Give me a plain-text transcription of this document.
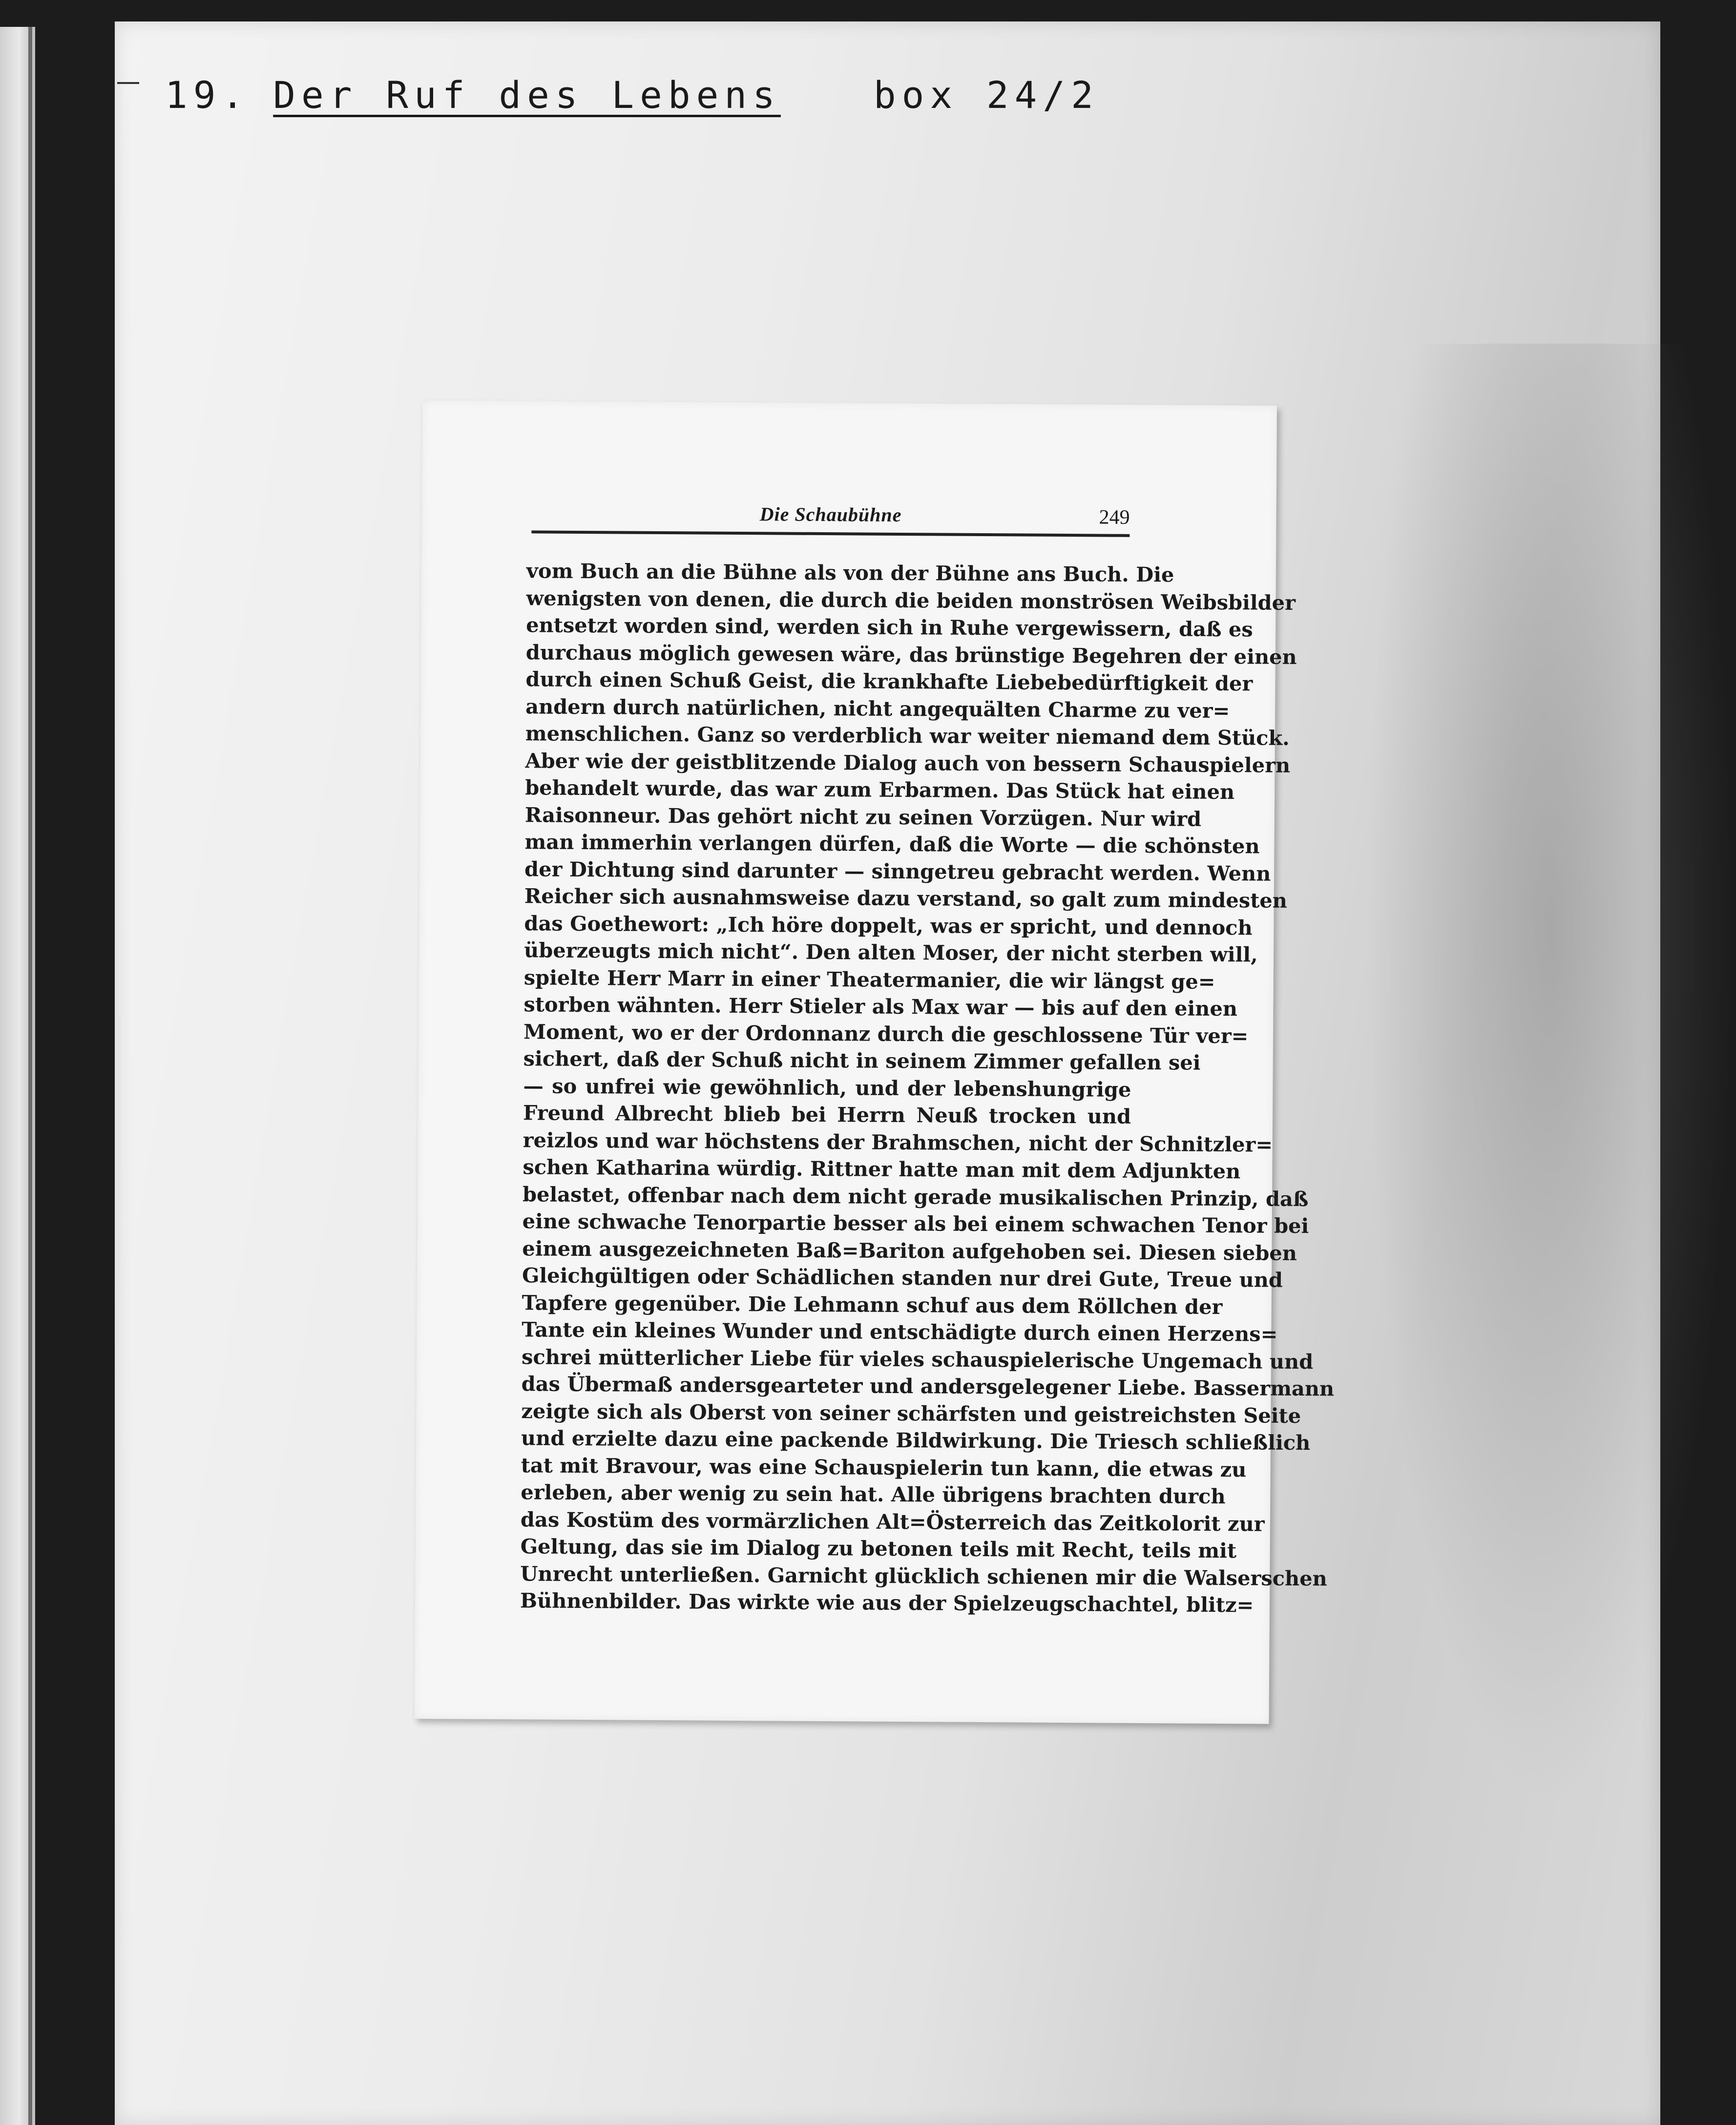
19. Der Ruf des Lebens	box 24/2
Die Schaubühne	249
vom Buch an die Bühne als von der Bühne ans Buch. Die
wenigsten von denen, die durch die beiden monströsen Weibsbilder
entsetzt worden sind, werden sich in Ruhe vergewissern, daß es
durchaus möglich gewesen wäre, das brünstige Begehren der einen
durch einen Schuß Geist, die krankhafte Liebebedürftigkeit der
andern durch natürlichen, nicht angequälten Charme zu ver=
menschlichen. Ganz so verderblich war weiter niemand dem Stück.
Aber wie der geistblitzende Dialog auch von bessern Schauspielern
behandelt wurde, das war zum Erbarmen. Das Stück hat einen
Raisonneur. Das gehört nicht zu seinen Vorzügen. Nur wird
man immerhin verlangen dürfen, daß die Worte — die schönsten
der Dichtung sind darunter — sinngetreu gebracht werden. Wenn
Reicher sich ausnahmsweise dazu verstand, so galt zum mindesten
das Goethewort: „Ich höre doppelt, was er spricht, und dennoch
überzeugts mich nicht“. Den alten Moser, der nicht sterben will,
spielte Herr Marr in einer Theatermanier, die wir längst ge=
storben wähnten. Herr Stieler als Max war — bis auf den einen
Moment, wo er der Ordonnanz durch die geschlossene Tür ver=
sichert, daß der Schuß nicht in seinem Zimmer gefallen sei
— so unfrei wie gewöhnlich, und der lebenshungrige
Freund Albrecht blieb bei Herrn Neuß trocken und
reizlos und war höchstens der Brahmschen, nicht der Schnitzler=
schen Katharina würdig. Rittner hatte man mit dem Adjunkten
belastet, offenbar nach dem nicht gerade musikalischen Prinzip, daß
eine schwache Tenorpartie besser als bei einem schwachen Tenor bei
einem ausgezeichneten Baß=Bariton aufgehoben sei. Diesen sieben
Gleichgültigen oder Schädlichen standen nur drei Gute, Treue und
Tapfere gegenüber. Die Lehmann schuf aus dem Röllchen der
Tante ein kleines Wunder und entschädigte durch einen Herzens=
schrei mütterlicher Liebe für vieles schauspielerische Ungemach und
das Übermaß andersgearteter und andersgelegener Liebe. Bassermann
zeigte sich als Oberst von seiner schärfsten und geistreichsten Seite
und erzielte dazu eine packende Bildwirkung. Die Triesch schließlich
tat mit Bravour, was eine Schauspielerin tun kann, die etwas zu
erleben, aber wenig zu sein hat. Alle übrigens brachten durch
das Kostüm des vormärzlichen Alt=Österreich das Zeitkolorit zur
Geltung, das sie im Dialog zu betonen teils mit Recht, teils mit
Unrecht unterließen. Garnicht glücklich schienen mir die Walserschen
Bühnenbilder. Das wirkte wie aus der Spielzeugschachtel, blitz=
